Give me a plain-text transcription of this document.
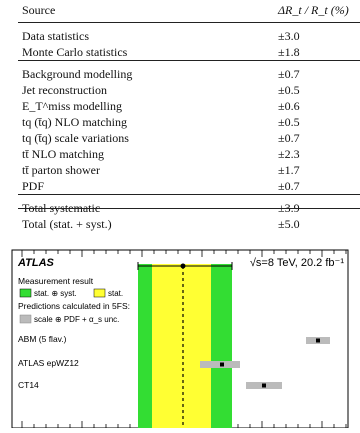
Source	ΔR_t / R_t (%)
Data statistics	±3.0
Monte Carlo statistics	±1.8
Background modelling	±0.7
Jet reconstruction	±0.5
E_T^miss modelling	±0.6
tq (t̄q) NLO matching	±0.5
tq (t̄q) scale variations	±0.7
tt̄ NLO matching	±2.3
tt̄ parton shower	±1.7
PDF	±0.7
Total systematic	±3.9
Total (stat. + syst.)	±5.0
ATLAS	√s=8 TeV, 20.2 fb⁻¹
Measurement result
stat. ⊕ syst.	stat.
Predictions calculated in 5FS:
scale ⊕ PDF + α_s unc.
ABM (5 flav.)
ATLAS epWZ12
CT14
